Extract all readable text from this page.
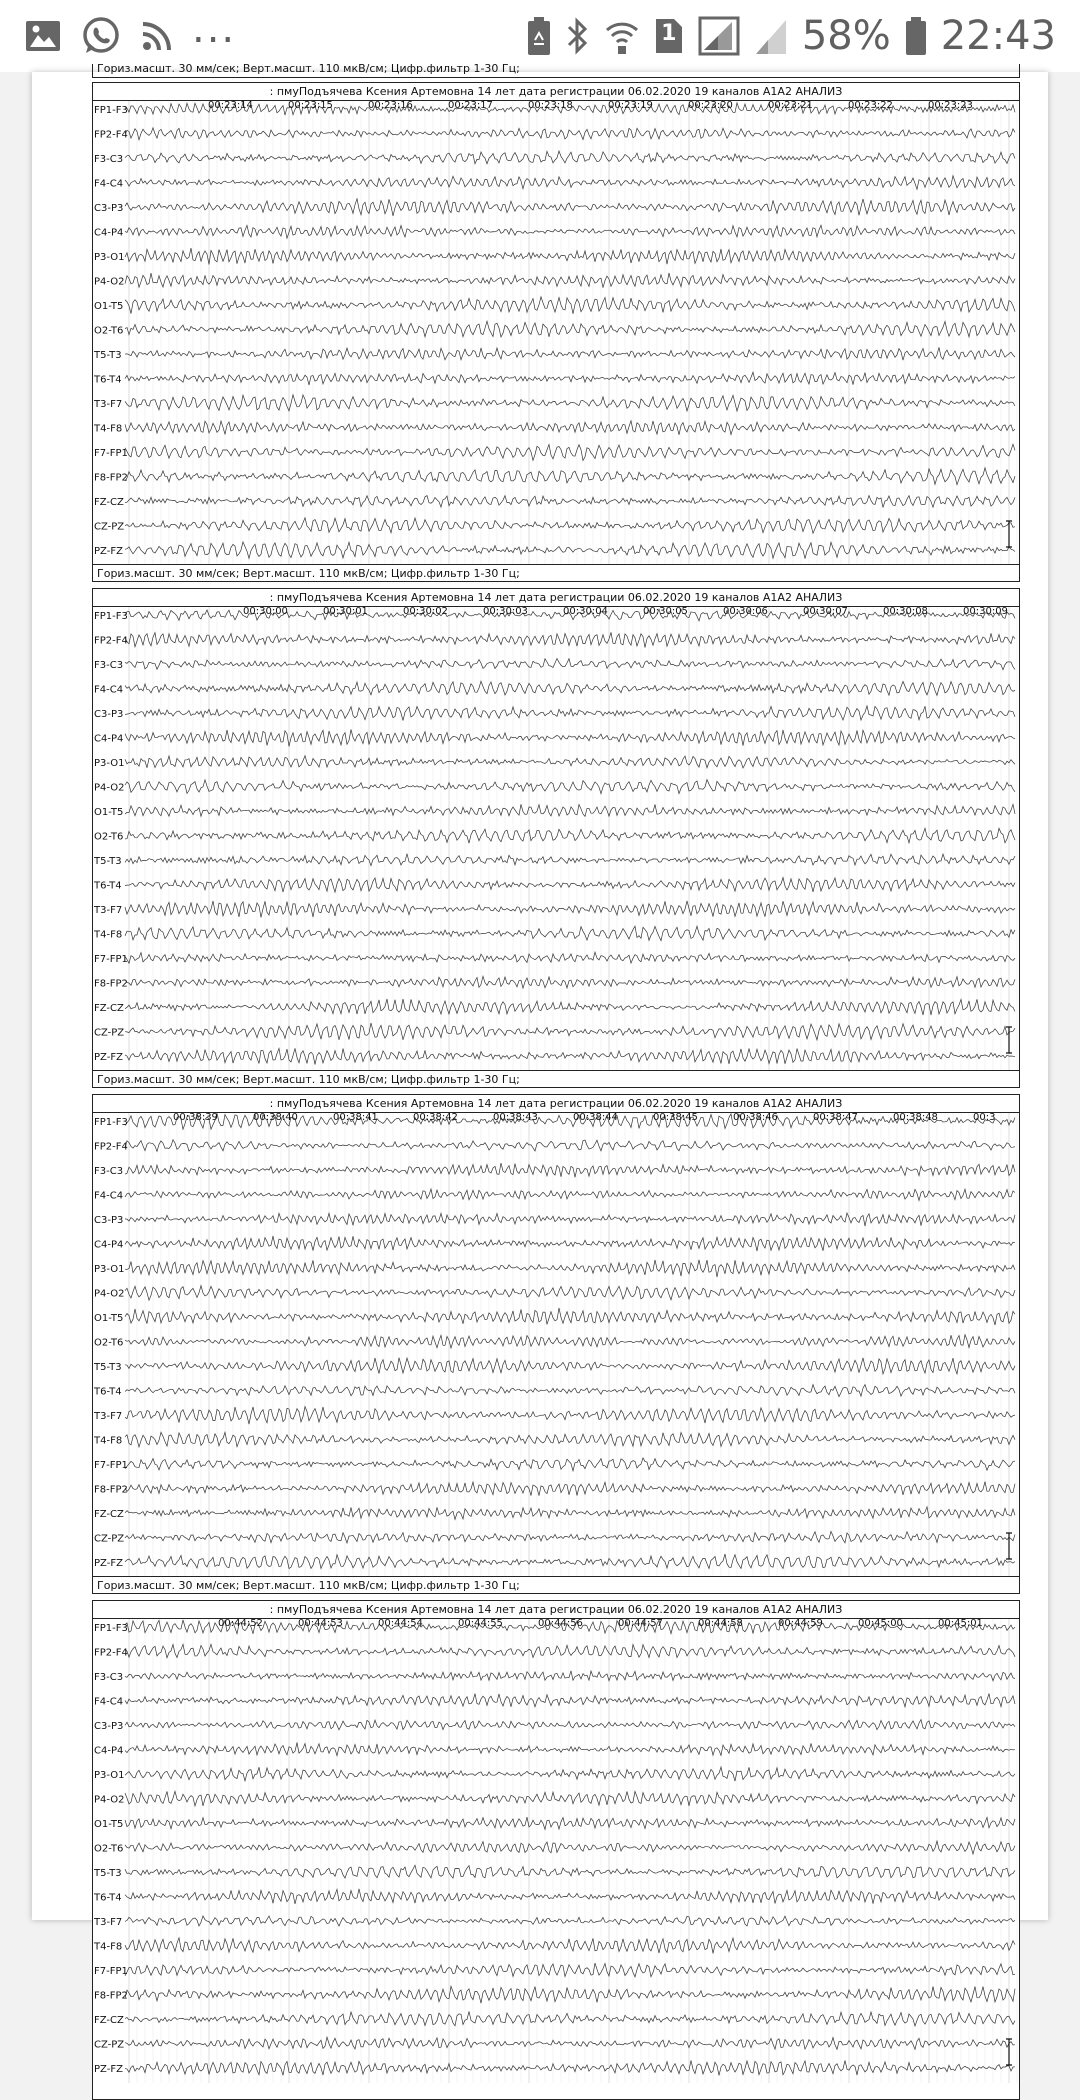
...	1	58% 22:43
Гориз.масшт. 30 мм/сек; Верт.масшт. 110 мкВ/см; Цифр.фильтр 1-30 Гц;
: пмуПодъячева Ксения Артемовна 14 лет дата регистрации 06.02.2020 19 каналов А1А2 АНАЛИЗ
FP1-F3
FP2-F4
F3-C3
F4-C4
C3-P3
C4-P4
P3-O1
P4-O2
O1-T5
O2-T6
T5-T3
T6-T4
T3-F7
T4-F8
F7-FP1
F8-FP2
FZ-CZ
CZ-PZ
PZ-FZ
00:23:14	00:23:15	00:23:16	00:23:17	00:23:18	00:23:19	00:23:20	00:23:21	00:23:22	00:23:23
Гориз.масшт. 30 мм/сек; Верт.масшт. 110 мкВ/см; Цифр.фильтр 1-30 Гц;
: пмуПодъячева Ксения Артемовна 14 лет дата регистрации 06.02.2020 19 каналов А1А2 АНАЛИЗ
FP1-F3
FP2-F4
F3-C3
F4-C4
C3-P3
C4-P4
P3-O1
P4-O2
O1-T5
O2-T6
T5-T3
T6-T4
T3-F7
T4-F8
F7-FP1
F8-FP2
FZ-CZ
CZ-PZ
PZ-FZ
00:30:00	00:30:01	00:30:02	00:30:03	00:30:04	00:30:05	00:30:06	00:30:07	00:30:08	00:30:09
Гориз.масшт. 30 мм/сек; Верт.масшт. 110 мкВ/см; Цифр.фильтр 1-30 Гц;
: пмуПодъячева Ксения Артемовна 14 лет дата регистрации 06.02.2020 19 каналов А1А2 АНАЛИЗ
FP1-F3
FP2-F4
F3-C3
F4-C4
C3-P3
C4-P4
P3-O1
P4-O2
O1-T5
O2-T6
T5-T3
T6-T4
T3-F7
T4-F8
F7-FP1
F8-FP2
FZ-CZ
CZ-PZ
PZ-FZ
00:38:39	00:38:40	00:38:41	00:38:42	00:38:43	00:38:44	00:38:45	00:38:46	00:38:47	00:38:48	00:3
Гориз.масшт. 30 мм/сек; Верт.масшт. 110 мкВ/см; Цифр.фильтр 1-30 Гц;
: пмуПодъячева Ксения Артемовна 14 лет дата регистрации 06.02.2020 19 каналов А1А2 АНАЛИЗ
FP1-F3
FP2-F4
F3-C3
F4-C4
C3-P3
C4-P4
P3-O1
P4-O2
O1-T5
O2-T6
T5-T3
T6-T4
T3-F7
T4-F8
F7-FP1
F8-FP2
FZ-CZ
CZ-PZ
PZ-FZ
00:44:52	00:44:53	00:44:54	00:44:55	00:44:56	00:44:57	00:44:58	00:44:59	00:45:00	00:45:01
